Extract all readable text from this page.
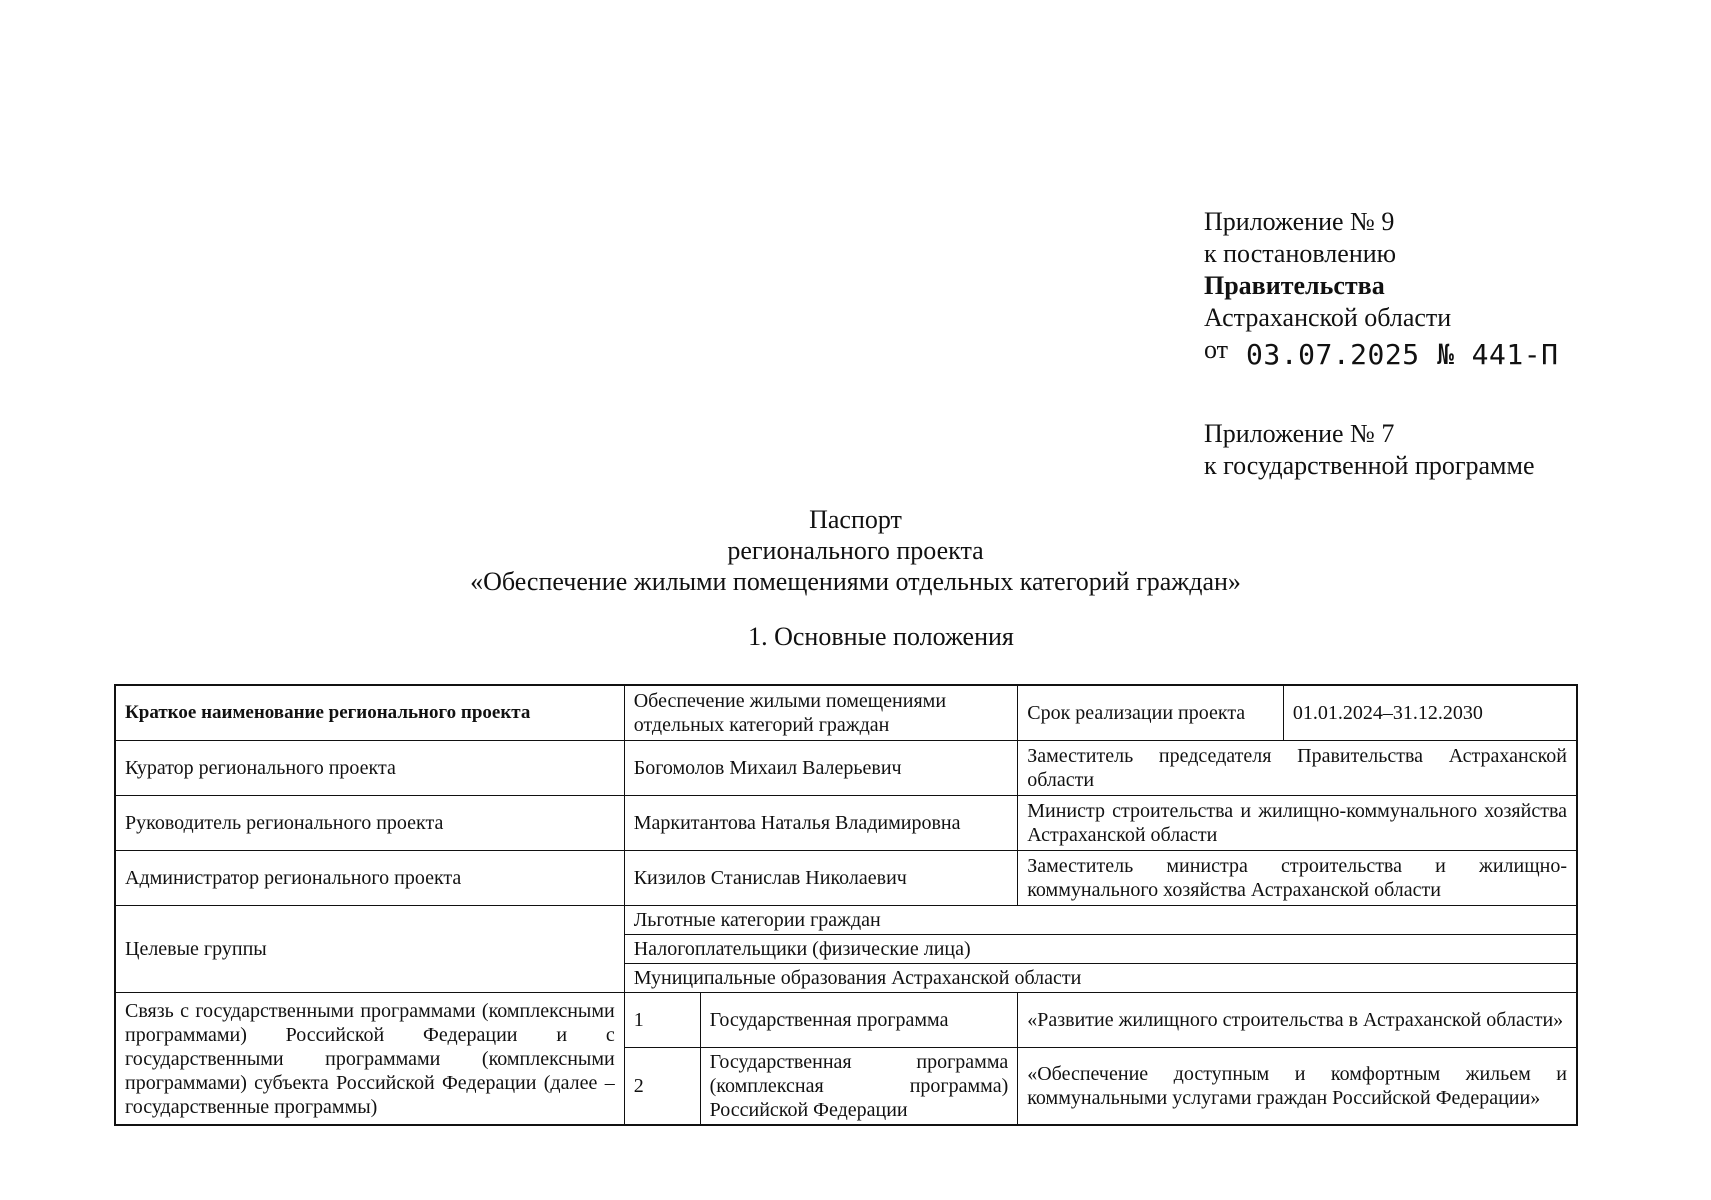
Приложение № 9
к постановлению
Правительства
Астраханской области
от 03.07.2025 № 441-П
Приложение № 7
к государственной программе
Паспорт
регионального проекта
«Обеспечение жилыми помещениями отдельных категорий граждан»
1. Основные положения
Краткое наименование регионального проекта	Обеспечение жилыми помещениями отдельных категорий граждан		Срок реализации проекта	01.01.2024–31.12.2030
Куратор регионального проекта	Богомолов Михаил Валерьевич		Заместитель председателя Правительства Астраханской области	
Руководитель регионального проекта	Маркитантова Наталья Владимировна		Министр строительства и жилищно-коммунального хозяйства Астраханской области	
Администратор регионального проекта	Кизилов Станислав Николаевич		Заместитель министра строительства и жилищно-коммунального хозяйства Астраханской области	
Целевые группы	Льготные категории граждан			
	Налогоплательщики (физические лица)			
	Муниципальные образования Астраханской области			
Связь с государственными программами (комплексными программами) Российской Федерации и с государственными программами (комплексными программами) субъекта Российской Федерации (далее – государственные программы)	1	Государственная программа	«Развитие жилищного строительства в Астраханской области»	
	2	Государственная программа (комплексная программа) Российской Федерации	«Обеспечение доступным и комфортным жильем и коммунальными услугами граждан Российской Федерации»	
